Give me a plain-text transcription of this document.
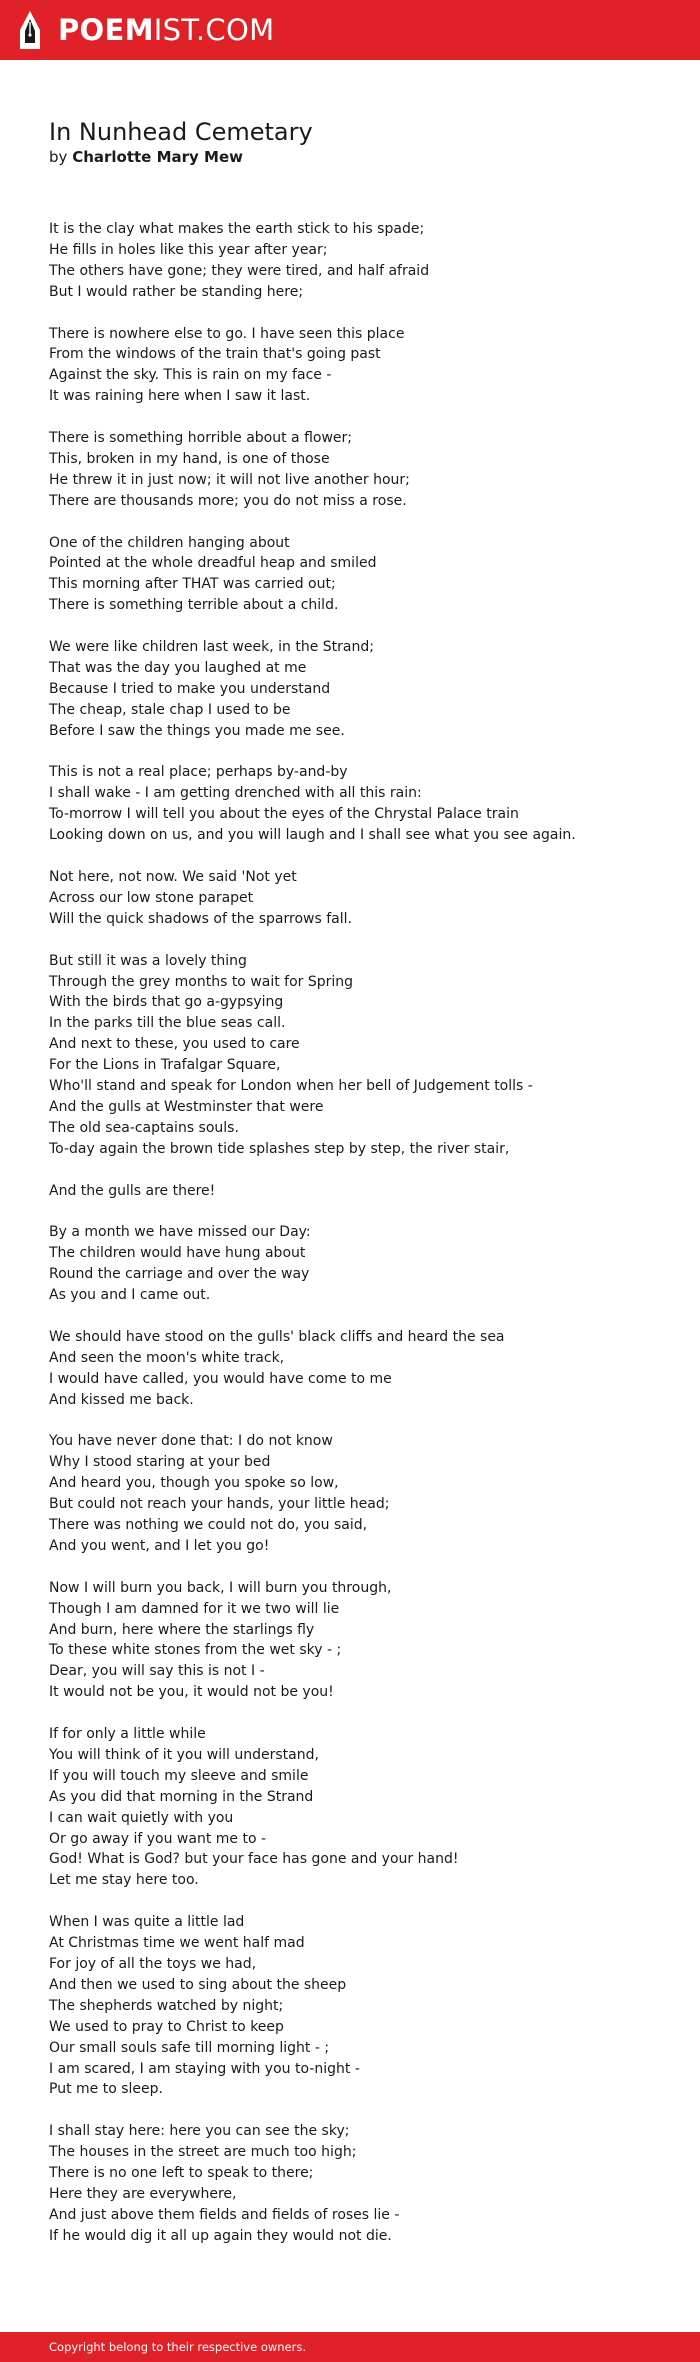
POEMIST.COM
In Nunhead Cemetary
by Charlotte Mary Mew
It is the clay what makes the earth stick to his spade;
He fills in holes like this year after year;
The others have gone; they were tired, and half afraid
But I would rather be standing here;
There is nowhere else to go. I have seen this place
From the windows of the train that's going past
Against the sky. This is rain on my face -
It was raining here when I saw it last.
There is something horrible about a flower;
This, broken in my hand, is one of those
He threw it in just now; it will not live another hour;
There are thousands more; you do not miss a rose.
One of the children hanging about
Pointed at the whole dreadful heap and smiled
This morning after THAT was carried out;
There is something terrible about a child.
We were like children last week, in the Strand;
That was the day you laughed at me
Because I tried to make you understand
The cheap, stale chap I used to be
Before I saw the things you made me see.
This is not a real place; perhaps by-and-by
I shall wake - I am getting drenched with all this rain:
To-morrow I will tell you about the eyes of the Chrystal Palace train
Looking down on us, and you will laugh and I shall see what you see again.
Not here, not now. We said 'Not yet
Across our low stone parapet
Will the quick shadows of the sparrows fall.
But still it was a lovely thing
Through the grey months to wait for Spring
With the birds that go a-gypsying
In the parks till the blue seas call.
And next to these, you used to care
For the Lions in Trafalgar Square,
Who'll stand and speak for London when her bell of Judgement tolls -
And the gulls at Westminster that were
The old sea-captains souls.
To-day again the brown tide splashes step by step, the river stair,
And the gulls are there!
By a month we have missed our Day:
The children would have hung about
Round the carriage and over the way
As you and I came out.
We should have stood on the gulls' black cliffs and heard the sea
And seen the moon's white track,
I would have called, you would have come to me
And kissed me back.
You have never done that: I do not know
Why I stood staring at your bed
And heard you, though you spoke so low,
But could not reach your hands, your little head;
There was nothing we could not do, you said,
And you went, and I let you go!
Now I will burn you back, I will burn you through,
Though I am damned for it we two will lie
And burn, here where the starlings fly
To these white stones from the wet sky - ;
Dear, you will say this is not I -
It would not be you, it would not be you!
If for only a little while
You will think of it you will understand,
If you will touch my sleeve and smile
As you did that morning in the Strand
I can wait quietly with you
Or go away if you want me to -
God! What is God? but your face has gone and your hand!
Let me stay here too.
When I was quite a little lad
At Christmas time we went half mad
For joy of all the toys we had,
And then we used to sing about the sheep
The shepherds watched by night;
We used to pray to Christ to keep
Our small souls safe till morning light - ;
I am scared, I am staying with you to-night -
Put me to sleep.
I shall stay here: here you can see the sky;
The houses in the street are much too high;
There is no one left to speak to there;
Here they are everywhere,
And just above them fields and fields of roses lie -
If he would dig it all up again they would not die.
Copyright belong to their respective owners.
